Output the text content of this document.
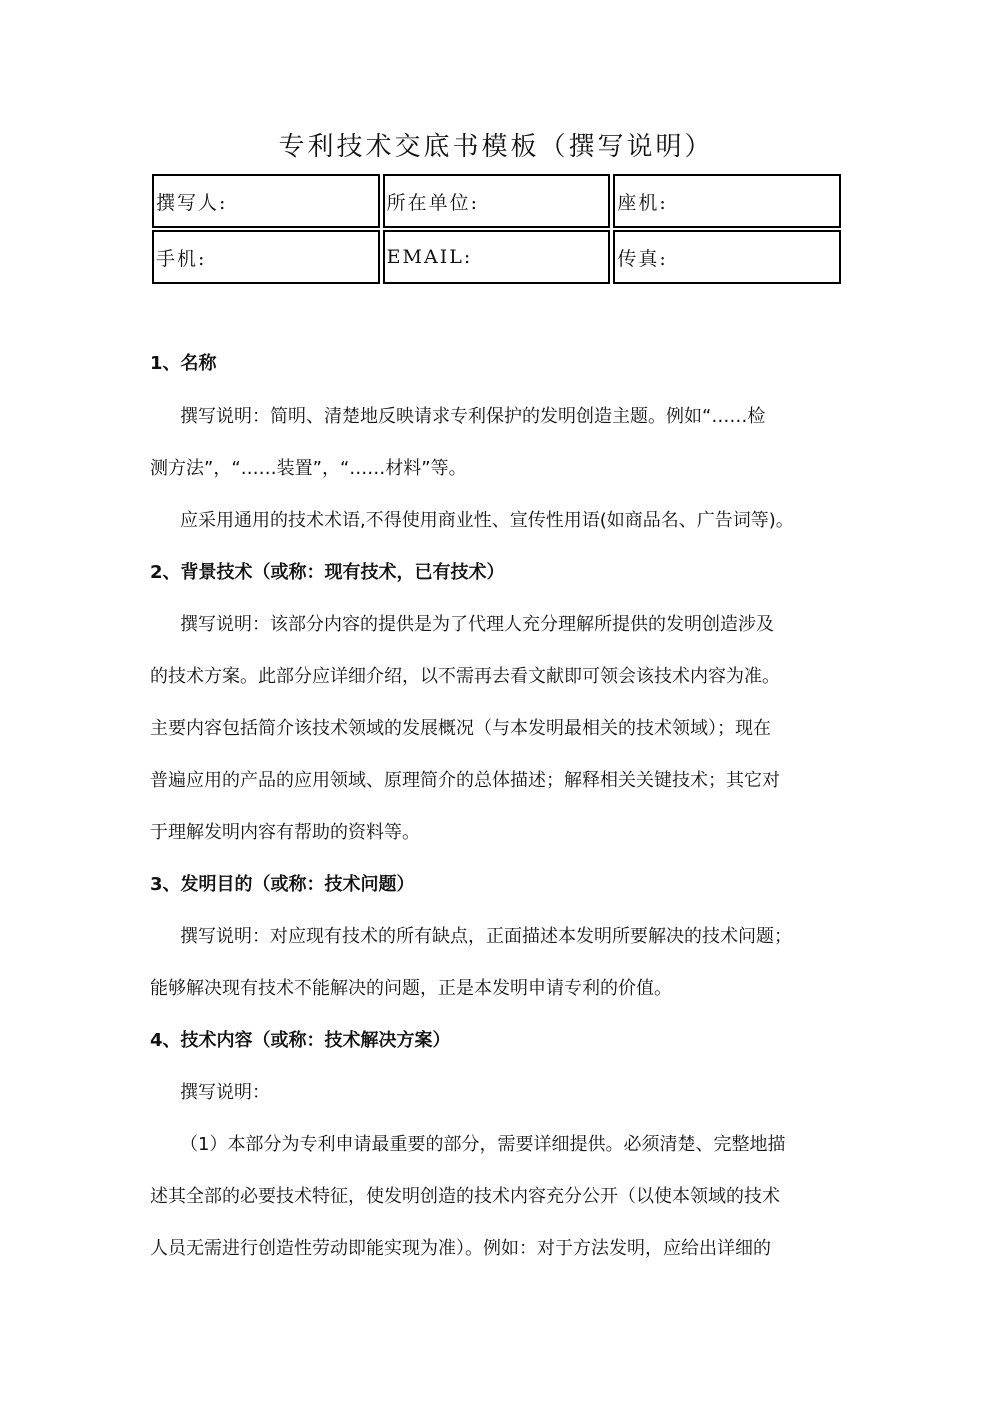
专利技术交底书模板（撰写说明）
撰写人:	所在单位:	座机:
手机:	EMAIL:	传真:
1、名称
撰写说明：简明、清楚地反映请求专利保护的发明创造主题。例如“……检
测方法”，“……装置”，“……材料”等。
应采用通用的技术术语,不得使用商业性、宣传性用语(如商品名、广告词等)。
2、背景技术（或称：现有技术，已有技术）
撰写说明：该部分内容的提供是为了代理人充分理解所提供的发明创造涉及
的技术方案。此部分应详细介绍，以不需再去看文献即可领会该技术内容为准。
主要内容包括简介该技术领域的发展概况（与本发明最相关的技术领域）；现在
普遍应用的产品的应用领域、原理简介的总体描述；解释相关关键技术；其它对
于理解发明内容有帮助的资料等。
3、发明目的（或称：技术问题）
撰写说明：对应现有技术的所有缺点，正面描述本发明所要解决的技术问题；
能够解决现有技术不能解决的问题，正是本发明申请专利的价值。
4、技术内容（或称：技术解决方案）
撰写说明：
（1）本部分为专利申请最重要的部分，需要详细提供。必须清楚、完整地描
述其全部的必要技术特征，使发明创造的技术内容充分公开（以使本领域的技术
人员无需进行创造性劳动即能实现为准）。例如：对于方法发明，应给出详细的
